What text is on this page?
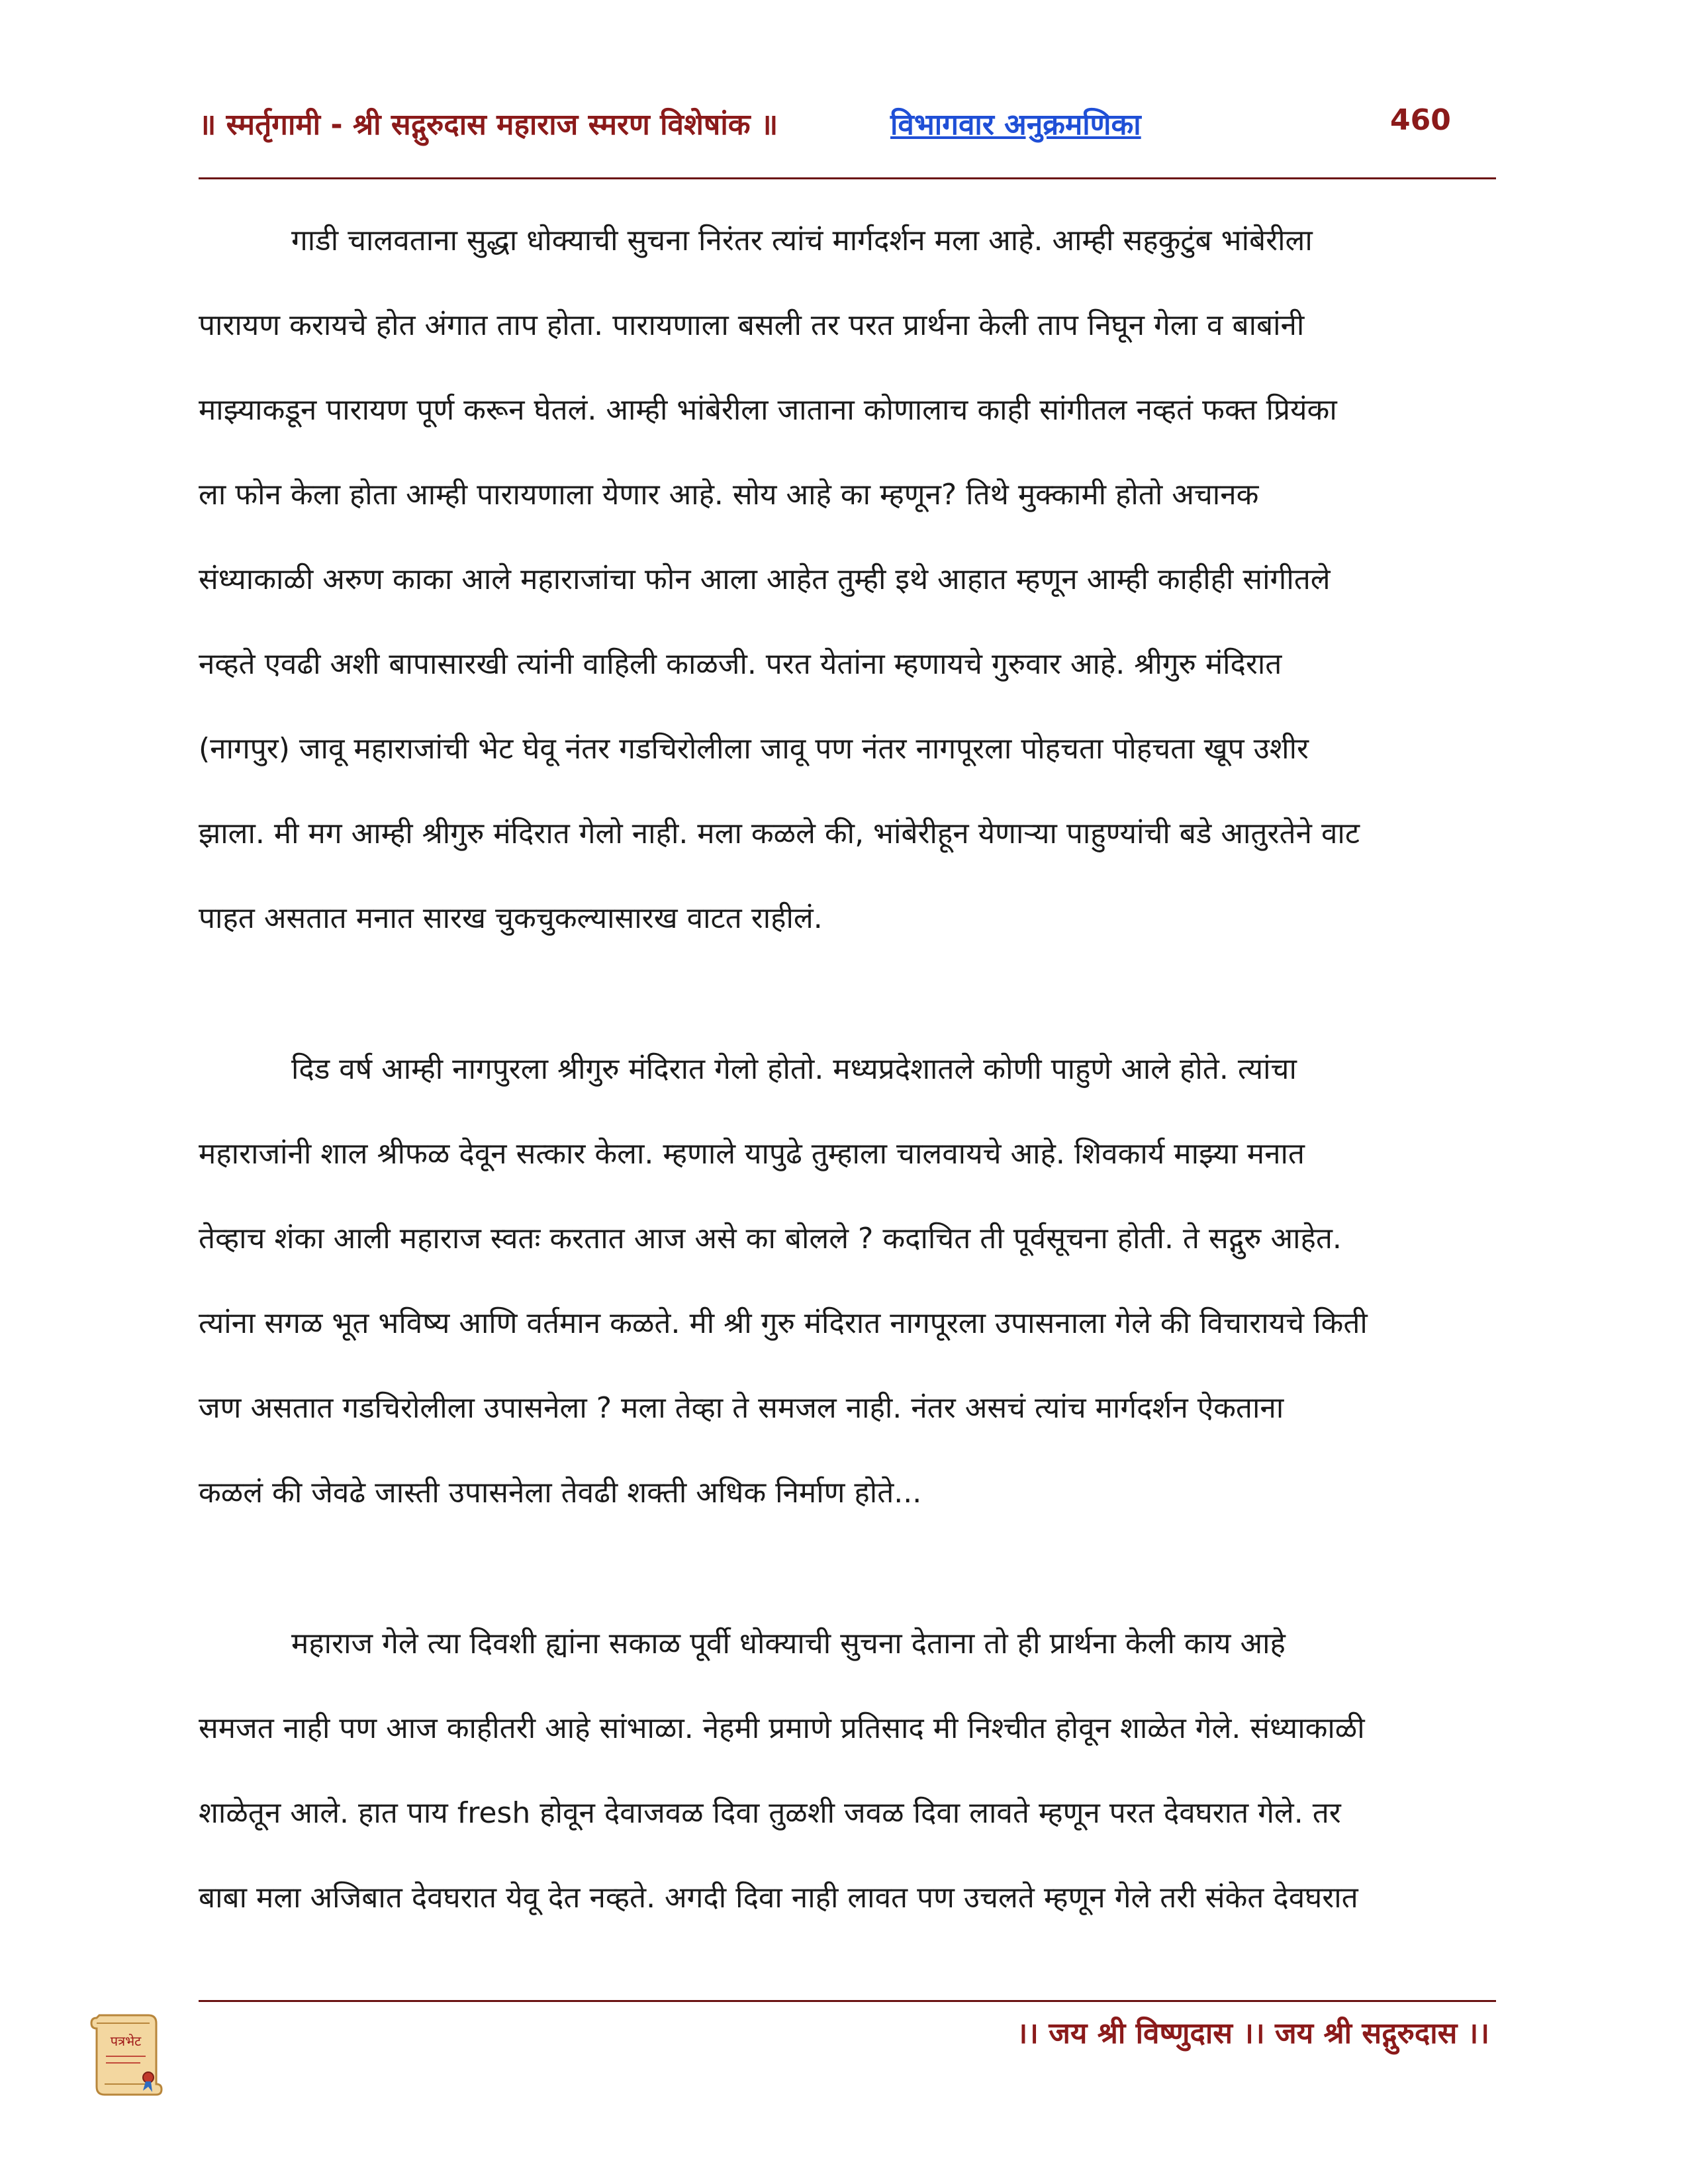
॥ स्मर्तृगामी - श्री सद्गुरुदास महाराज स्मरण विशेषांक ॥	विभागवार अनुक्रमणिका	460
गाडी चालवताना सुद्धा धोक्याची सुचना निरंतर त्यांचं मार्गदर्शन मला आहे. आम्ही सहकुटुंब भांबेरीला
पारायण करायचे होत अंगात ताप होता. पारायणाला बसली तर परत प्रार्थना केली ताप निघून गेला व बाबांनी
माझ्याकडून पारायण पूर्ण करून घेतलं. आम्ही भांबेरीला जाताना कोणालाच काही सांगीतल नव्हतं फक्त प्रियंका
ला फोन केला होता आम्ही पारायणाला येणार आहे. सोय आहे का म्हणून? तिथे मुक्कामी होतो अचानक
संध्याकाळी अरुण काका आले महाराजांचा फोन आला आहेत तुम्ही इथे आहात म्हणून आम्ही काहीही सांगीतले
नव्हते एवढी अशी बापासारखी त्यांनी वाहिली काळजी. परत येतांना म्हणायचे गुरुवार आहे. श्रीगुरु मंदिरात
(नागपुर) जावू महाराजांची भेट घेवू नंतर गडचिरोलीला जावू पण नंतर नागपूरला पोहचता पोहचता खूप उशीर
झाला. मी मग आम्ही श्रीगुरु मंदिरात गेलो नाही. मला कळले की, भांबेरीहून येणाऱ्या पाहुण्यांची बडे आतुरतेने वाट
पाहत असतात मनात सारख चुकचुकल्यासारख वाटत राहीलं.
दिड वर्ष आम्ही नागपुरला श्रीगुरु मंदिरात गेलो होतो. मध्यप्रदेशातले कोणी पाहुणे आले होते. त्यांचा
महाराजांनी शाल श्रीफळ देवून सत्कार केला. म्हणाले यापुढे तुम्हाला चालवायचे आहे. शिवकार्य माझ्या मनात
तेव्हाच शंका आली महाराज स्वतः करतात आज असे का बोलले ? कदाचित ती पूर्वसूचना होती. ते सद्गुरु आहेत.
त्यांना सगळ भूत भविष्य आणि वर्तमान कळते. मी श्री गुरु मंदिरात नागपूरला उपासनाला गेले की विचारायचे किती
जण असतात गडचिरोलीला उपासनेला ? मला तेव्हा ते समजल नाही. नंतर असचं त्यांच मार्गदर्शन ऐकताना
कळलं की जेवढे जास्ती उपासनेला तेवढी शक्ती अधिक निर्माण होते...
महाराज गेले त्या दिवशी ह्यांना सकाळ पूर्वी धोक्याची सुचना देताना तो ही प्रार्थना केली काय आहे
समजत नाही पण आज काहीतरी आहे सांभाळा. नेहमी प्रमाणे प्रतिसाद मी निश्चीत होवून शाळेत गेले. संध्याकाळी
शाळेतून आले. हात पाय fresh होवून देवाजवळ दिवा तुळशी जवळ दिवा लावते म्हणून परत देवघरात गेले. तर
बाबा मला अजिबात देवघरात येवू देत नव्हते. अगदी दिवा नाही लावत पण उचलते म्हणून गेले तरी संकेत देवघरात
पत्रभेट	।। जय श्री विष्णुदास ।। जय श्री सद्गुरुदास ।।
